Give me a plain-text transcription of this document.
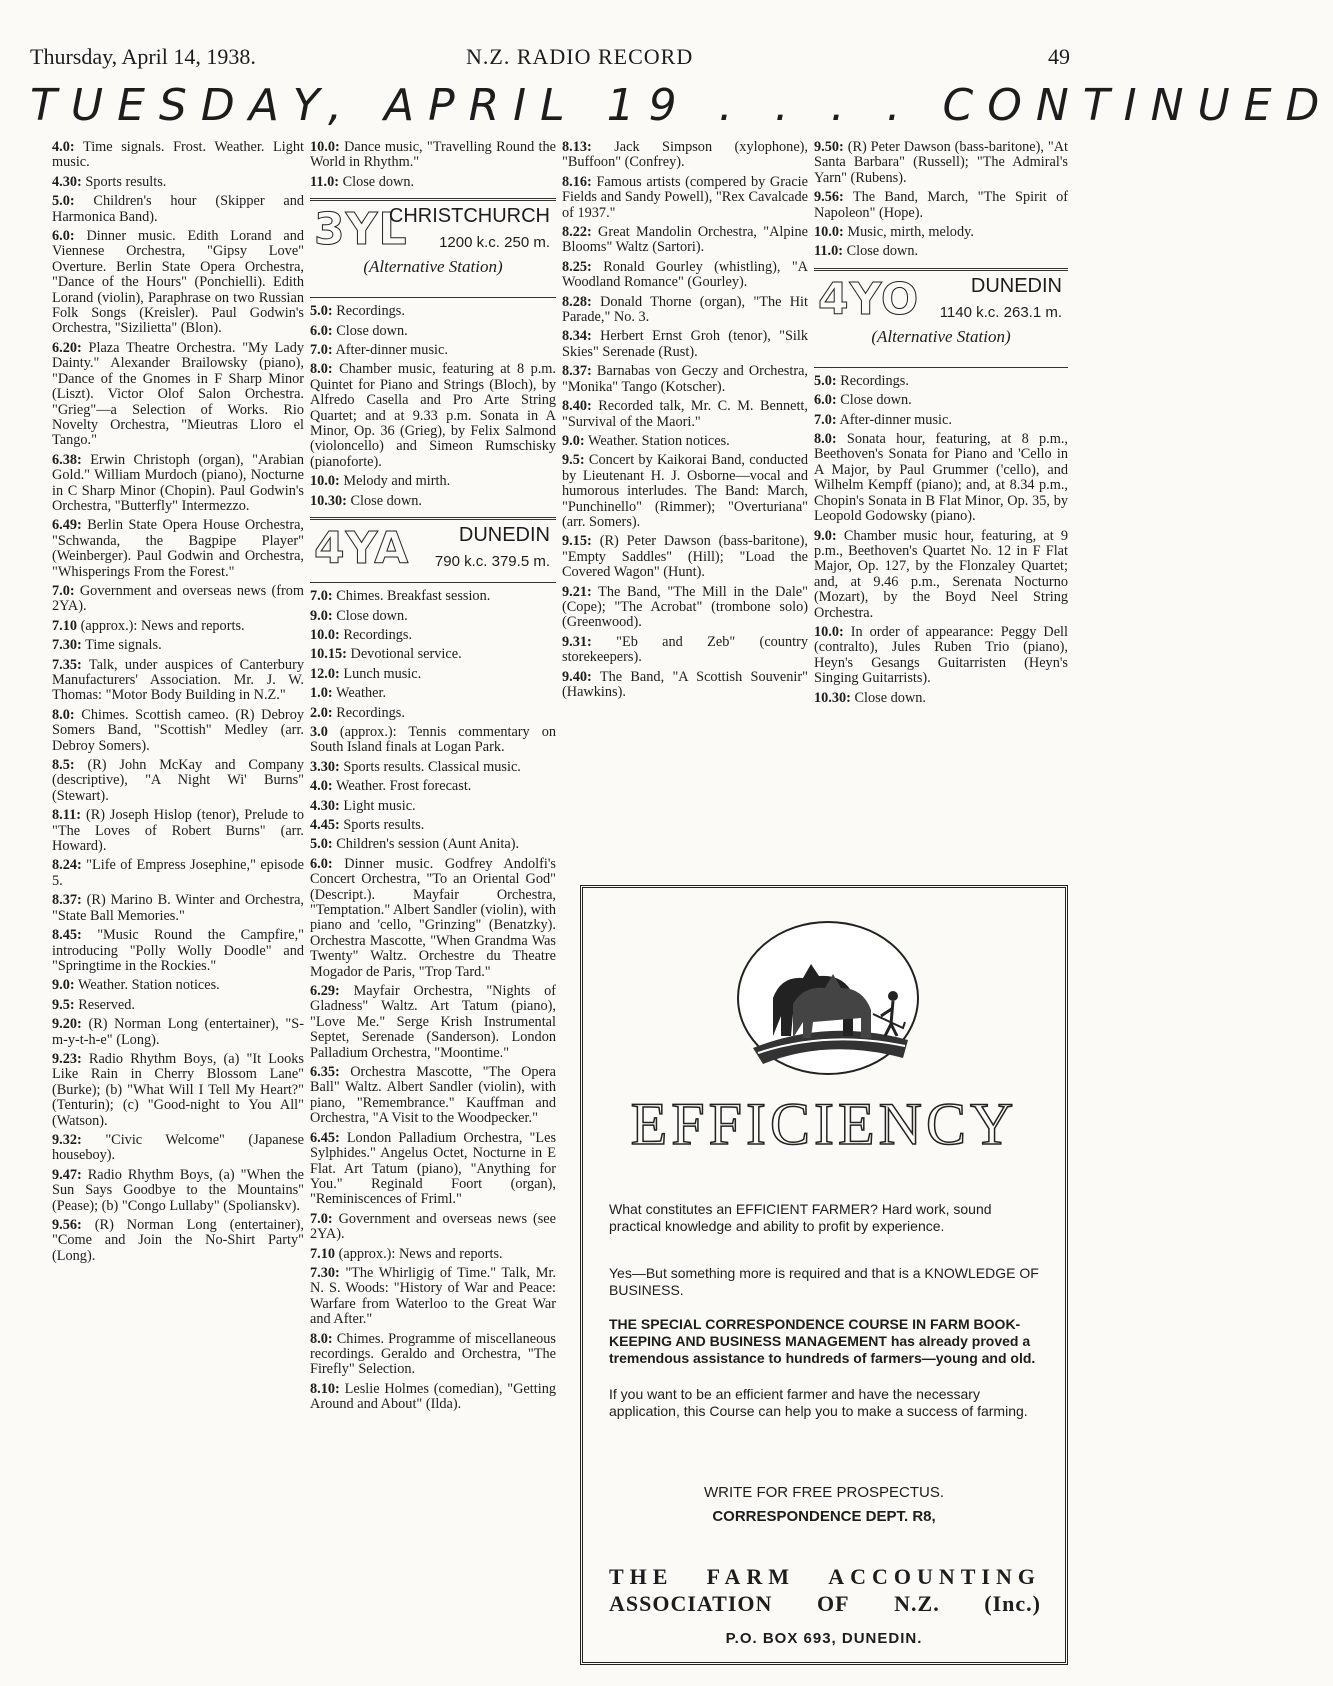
Thursday, April 14, 1938.	N.Z. RADIO RECORD	49
TUESDAY, APRIL 19 . . . . CONTINUED

4.0: Time signals. Frost. Weather. Light music.

4.30: Sports results.

5.0: Children's hour (Skipper and Harmonica Band).

6.0: Dinner music. Edith Lorand and Viennese Orchestra, "Gipsy Love" Overture. Berlin State Opera Orchestra, "Dance of the Hours" (Ponchielli). Edith Lorand (violin), Paraphrase on two Russian Folk Songs (Kreisler). Paul Godwin's Orchestra, "Sizilietta" (Blon).

6.20: Plaza Theatre Orchestra. "My Lady Dainty." Alexander Brailowsky (piano), "Dance of the Gnomes in F Sharp Minor (Liszt). Victor Olof Salon Orchestra. "Grieg"—a Selection of Works. Rio Novelty Orchestra, "Mieutras Lloro el Tango."

6.38: Erwin Christoph (organ), "Arabian Gold." William Murdoch (piano), Nocturne in C Sharp Minor (Chopin). Paul Godwin's Orchestra, "Butterfly" Intermezzo.

6.49: Berlin State Opera House Orchestra, "Schwanda, the Bagpipe Player" (Weinberger). Paul Godwin and Orchestra, "Whisperings From the Forest."

7.0: Government and overseas news (from 2YA).

7.10 (approx.): News and reports.

7.30: Time signals.

7.35: Talk, under auspices of Canterbury Manufacturers' Association. Mr. J. W. Thomas: "Motor Body Building in N.Z."

8.0: Chimes. Scottish cameo. (R) Debroy Somers Band, "Scottish" Medley (arr. Debroy Somers).

8.5: (R) John McKay and Company (descriptive), "A Night Wi' Burns" (Stewart).

8.11: (R) Joseph Hislop (tenor), Prelude to "The Loves of Robert Burns" (arr. Howard).

8.24: "Life of Empress Josephine," episode 5.

8.37: (R) Marino B. Winter and Orchestra, "State Ball Memories."

8.45: "Music Round the Campfire," introducing "Polly Wolly Doodle" and "Springtime in the Rockies."

9.0: Weather. Station notices.

9.5: Reserved.

9.20: (R) Norman Long (entertainer), "S-m-y-t-h-e" (Long).

9.23: Radio Rhythm Boys, (a) "It Looks Like Rain in Cherry Blossom Lane" (Burke); (b) "What Will I Tell My Heart?" (Tenturin); (c) "Good-night to You All" (Watson).

9.32: "Civic Welcome" (Japanese houseboy).

9.47: Radio Rhythm Boys, (a) "When the Sun Says Goodbye to the Mountains" (Pease); (b) "Congo Lullaby" (Spolianskv).

9.56: (R) Norman Long (entertainer), "Come and Join the No-Shirt Party" (Long).

10.0: Dance music, "Travelling Round the World in Rhythm."

11.0: Close down.

3YL
CHRISTCHURCH
1200 k.c. 250 m.
(Alternative Station)

5.0: Recordings.

6.0: Close down.

7.0: After-dinner music.

8.0: Chamber music, featuring at 8 p.m. Quintet for Piano and Strings (Bloch), by Alfredo Casella and Pro Arte String Quartet; and at 9.33 p.m. Sonata in A Minor, Op. 36 (Grieg), by Felix Salmond (violoncello) and Simeon Rumschisky (pianoforte).

10.0: Melody and mirth.

10.30: Close down.

4YA DUNEDIN
790 k.c. 379.5 m.

7.0: Chimes. Breakfast session.

9.0: Close down.

10.0: Recordings.

10.15: Devotional service.

12.0: Lunch music.

1.0: Weather.

2.0: Recordings.

3.0 (approx.): Tennis commentary on South Island finals at Logan Park.

3.30: Sports results. Classical music.

4.0: Weather. Frost forecast.

4.30: Light music.

4.45: Sports results.

5.0: Children's session (Aunt Anita).

6.0: Dinner music. Godfrey Andolfi's Concert Orchestra, "To an Oriental God" (Descript.). Mayfair Orchestra, "Temptation." Albert Sandler (violin), with piano and 'cello, "Grinzing" (Benatzky). Orchestra Mascotte, "When Grandma Was Twenty" Waltz. Orchestre du Theatre Mogador de Paris, "Trop Tard."

6.29: Mayfair Orchestra, "Nights of Gladness" Waltz. Art Tatum (piano), "Love Me." Serge Krish Instrumental Septet, Serenade (Sanderson). London Palladium Orchestra, "Moontime."

6.35: Orchestra Mascotte, "The Opera Ball" Waltz. Albert Sandler (violin), with piano, "Remembrance." Kauffman and Orchestra, "A Visit to the Woodpecker."

6.45: London Palladium Orchestra, "Les Sylphides." Angelus Octet, Nocturne in E Flat. Art Tatum (piano), "Anything for You." Reginald Foort (organ), "Reminiscences of Friml."

7.0: Government and overseas news (see 2YA).

7.10 (approx.): News and reports.

7.30: "The Whirligig of Time." Talk, Mr. N. S. Woods: "History of War and Peace: Warfare from Waterloo to the Great War and After."

8.0: Chimes. Programme of miscellaneous recordings. Geraldo and Orchestra, "The Firefly" Selection.

8.10: Leslie Holmes (comedian), "Getting Around and About" (Ilda).

8.13: Jack Simpson (xylophone), "Buffoon" (Confrey).

8.16: Famous artists (compered by Gracie Fields and Sandy Powell), "Rex Cavalcade of 1937."

8.22: Great Mandolin Orchestra, "Alpine Blooms" Waltz (Sartori).

8.25: Ronald Gourley (whistling), "A Woodland Romance" (Gourley).

8.28: Donald Thorne (organ), "The Hit Parade," No. 3.

8.34: Herbert Ernst Groh (tenor), "Silk Skies" Serenade (Rust).

8.37: Barnabas von Geczy and Orchestra, "Monika" Tango (Kotscher).

8.40: Recorded talk, Mr. C. M. Bennett, "Survival of the Maori."

9.0: Weather. Station notices.

9.5: Concert by Kaikorai Band, conducted by Lieutenant H. J. Osborne—vocal and humorous interludes. The Band: March, "Punchinello" (Rimmer); "Overturiana" (arr. Somers).

9.15: (R) Peter Dawson (bass-baritone), "Empty Saddles" (Hill); "Load the Covered Wagon" (Hunt).

9.21: The Band, "The Mill in the Dale" (Cope); "The Acrobat" (trombone solo) (Greenwood).

9.31: "Eb and Zeb" (country storekeepers).

9.40: The Band, "A Scottish Souvenir" (Hawkins).

9.50: (R) Peter Dawson (bass-baritone), "At Santa Barbara" (Russell); "The Admiral's Yarn" (Rubens).

9.56: The Band, March, "The Spirit of Napoleon" (Hope).

10.0: Music, mirth, melody.

11.0: Close down.

4YO	DUNEDIN
1140 k.c. 263.1 m.
(Alternative Station)

5.0: Recordings.

6.0: Close down.

7.0: After-dinner music.

8.0: Sonata hour, featuring, at 8 p.m., Beethoven's Sonata for Piano and 'Cello in A Major, by Paul Grummer ('cello), and Wilhelm Kempff (piano); and, at 8.34 p.m., Chopin's Sonata in B Flat Minor, Op. 35, by Leopold Godowsky (piano).

9.0: Chamber music hour, featuring, at 9 p.m., Beethoven's Quartet No. 12 in F Flat Major, Op. 127, by the Flonzaley Quartet; and, at 9.46 p.m., Serenata Nocturno (Mozart), by the Boyd Neel String Orchestra.

10.0: In order of appearance: Peggy Dell (contralto), Jules Ruben Trio (piano), Heyn's Gesangs Guitarristen (Heyn's Singing Guitarrists).

10.30: Close down.

EFFICIENCY

What constitutes an EFFICIENT FARMER? Hard work, sound practical knowledge and ability to profit by experience.

Yes—But something more is required and that is a KNOWLEDGE OF BUSINESS.

THE SPECIAL CORRESPONDENCE COURSE IN FARM BOOK-KEEPING AND BUSINESS MANAGEMENT has already proved a tremendous assistance to hundreds of farmers—young and old.

If you want to be an efficient farmer and have the necessary application, this Course can help you to make a success of farming.

WRITE FOR FREE PROSPECTUS.

CORRESPONDENCE DEPT. R8,

THE FARM ACCOUNTING
ASSOCIATION OF N.Z. (Inc.)

P.O. BOX 693, DUNEDIN.
